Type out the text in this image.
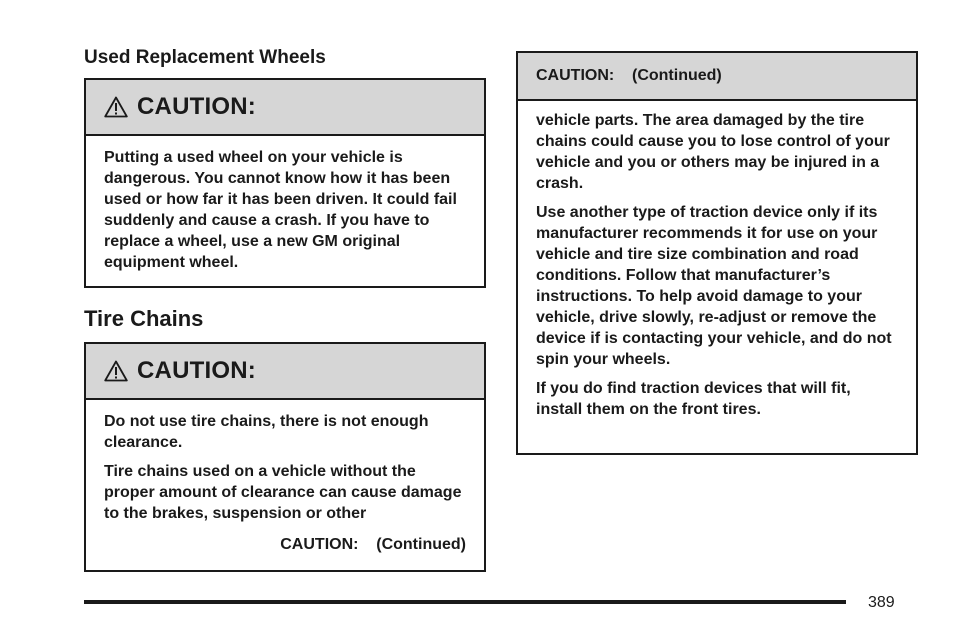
Used Replacement Wheels
CAUTION:

Putting a used wheel on your vehicle is dangerous. You cannot know how it has been used or how far it has been driven. It could fail suddenly and cause a crash. If you have to replace a wheel, use a new GM original equipment wheel.

Tire Chains
CAUTION:

Do not use tire chains, there is not enough clearance.

Tire chains used on a vehicle without the proper amount of clearance can cause damage to the brakes, suspension or other

CAUTION:    (Continued)
CAUTION:    (Continued)

vehicle parts. The area damaged by the tire chains could cause you to lose control of your vehicle and you or others may be injured in a crash.

Use another type of traction device only if its manufacturer recommends it for use on your vehicle and tire size combination and road conditions. Follow that manufacturer’s instructions. To help avoid damage to your vehicle, drive slowly, re-adjust or remove the device if is contacting your vehicle, and do not spin your wheels.

If you do find traction devices that will fit, install them on the front tires.

389
